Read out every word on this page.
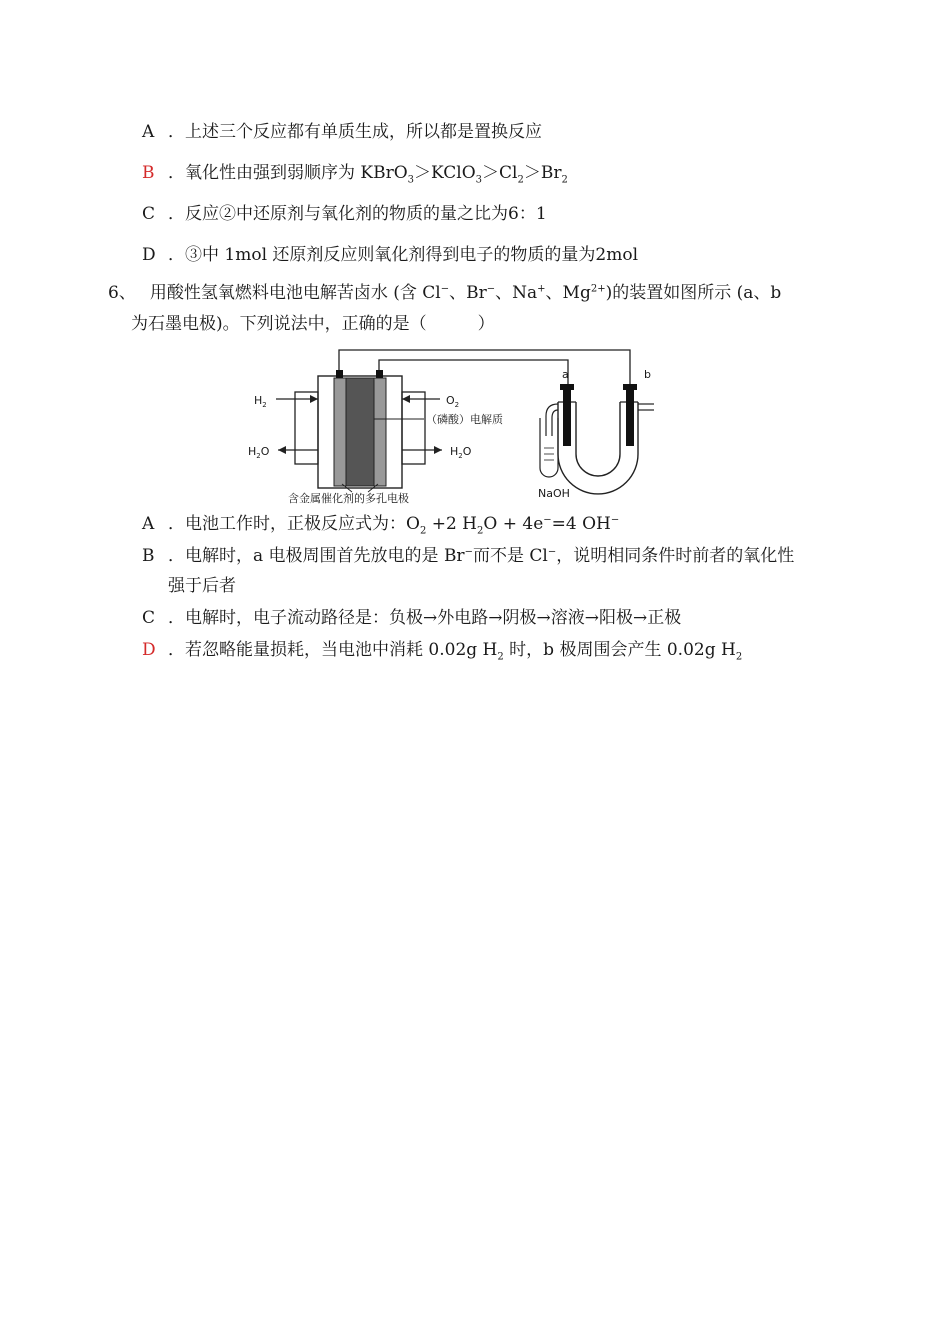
A ．上述三个反应都有单质生成，所以都是置换反应
B ．氧化性由强到弱顺序为 $KBrO_3>KClO_3>Cl_2>Br_2$
C ．反应②中还原剂与氧化剂的物质的量之比为6：1
D ．③中 1mol 还原剂反应则氧化剂得到电子的物质的量为2mol
6、 用酸性氢氧燃料电池电解苦卤水 (含 Cl−、Br−、Na+、$Mg^{2+}$)的装置如图所示 (a、b
为石墨电极)。下列说法中，正确的是（　　　）
$H_2$	$O_2$
$H_2O$	$H_2O$
（磷酸）电解质
含金属催化剂的多孔电极
a	b
NaOH
A ．电池工作时，正极反应式为：$O_2 +2$ $H_2O + 4e^-=4$ OH−
B ．电解时，a 电极周围首先放电的是 Br−而不是 Cl−，说明相同条件时前者的氧化性
强于后者
C ．电解时，电子流动路径是：负极→外电路→阴极→溶液→阳极→正极
D ．若忽略能量损耗，当电池中消耗 0.02g $H_2$ 时，b 极周围会产生 0.02g $H_2$
